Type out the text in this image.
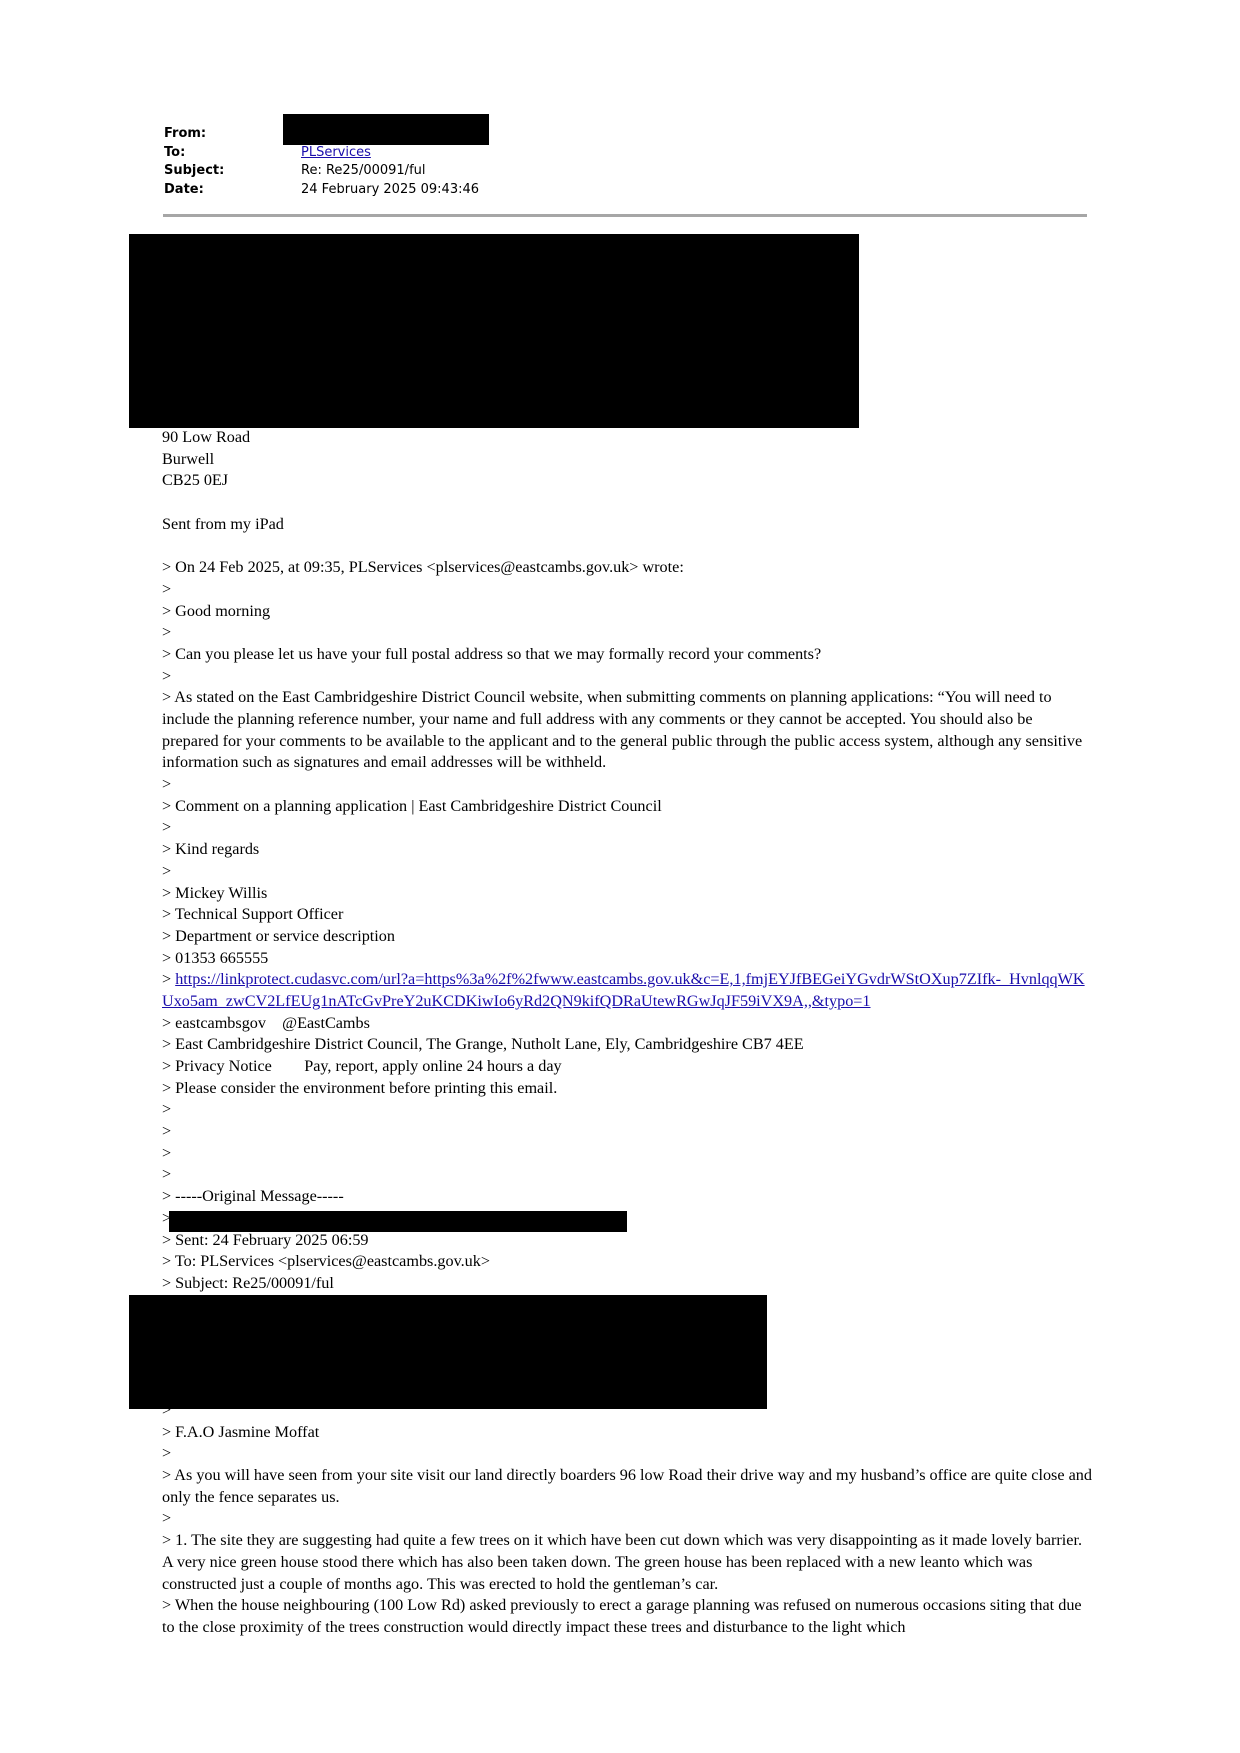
From:
To:	PLServices
Subject:	Re: Re25/00091/ful
Date:	24 February 2025 09:43:46
90 Low Road
Burwell
CB25 0EJ
Sent from my iPad
> On 24 Feb 2025, at 09:35, PLServices <plservices@eastcambs.gov.uk> wrote:
>
> Good morning
>
> Can you please let us have your full postal address so that we may formally record your comments?
>
> As stated on the East Cambridgeshire District Council website, when submitting comments on planning applications: “You will need to include the planning reference number, your name and full address with any comments or they cannot be accepted. You should also be prepared for your comments to be available to the applicant and to the general public through the public access system, although any sensitive information such as signatures and email addresses will be withheld.
>
> Comment on a planning application | East Cambridgeshire District Council
>
> Kind regards
>
> Mickey Willis
> Technical Support Officer
> Department or service description
> 01353 665555
> https://linkprotect.cudasvc.com/url?a=https%3a%2f%2fwww.eastcambs.gov.uk&c=E,1,fmjEYJfBEGeiYGvdrWStOXup7ZIfk-_HvnlqqWKUxo5am_zwCV2LfEUg1nATcGvPreY2uKCDKiwIo6yRd2QN9kifQDRaUtewRGwJqJF59iVX9A,,&typo=1
> eastcambsgov    @EastCambs
> East Cambridgeshire District Council, The Grange, Nutholt Lane, Ely, Cambridgeshire CB7 4EE
> Privacy Notice        Pay, report, apply online 24 hours a day
> Please consider the environment before printing this email.
>
>
>
>
> -----Original Message-----
>
> Sent: 24 February 2025 06:59
> To: PLServices <plservices@eastcambs.gov.uk>
> Subject: Re25/00091/ful
>
> F.A.O Jasmine Moffat
>
> As you will have seen from your site visit our land directly boarders 96 low Road their drive way and my husband’s office are quite close and only the fence separates us.
>
> 1. The site they are suggesting had quite a few trees on it which have been cut down which was very disappointing as it made lovely barrier. A very nice green house stood there which has also been taken down. The green house has been replaced with a new leanto which was constructed just a couple of months ago. This was erected to hold the gentleman’s car.
> When the house neighbouring (100 Low Rd) asked previously to erect a garage planning was refused on numerous occasions siting that due to the close proximity of the trees construction would directly impact these trees and disturbance to the light which
